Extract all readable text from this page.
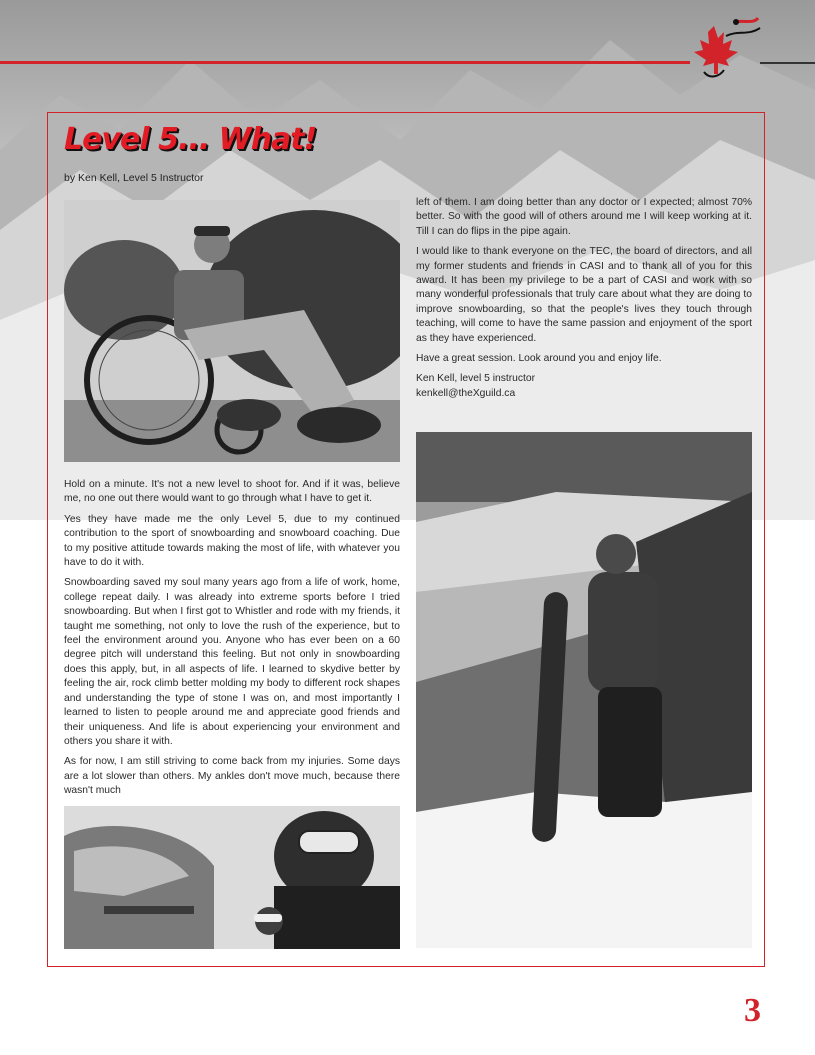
Level 5... What!
by Ken Kell, Level 5 Instructor

Hold on a minute. It's not a new level to shoot for. And if it was, believe me, no one out there would want to go through what I have to get it.

Yes they have made me the only Level 5, due to my continued contribution to the sport of snowboarding and snowboard coaching. Due to my positive attitude towards making the most of life, with whatever you have to do it with.

Snowboarding saved my soul many years ago from a life of work, home, college repeat daily. I was already into extreme sports before I tried snowboarding. But when I first got to Whistler and rode with my friends, it taught me something, not only to love the rush of the experience, but to feel the environment around you. Anyone who has ever been on a 60 degree pitch will understand this feeling. But not only in snowboarding does this apply, but, in all aspects of life. I learned to skydive better by feeling the air, rock climb better molding my body to different rock shapes and understanding the type of stone I was on, and most importantly I learned to listen to people around me and appreciate good friends and their uniqueness. And life is about experiencing your environment and others you share it with.

As for now, I am still striving to come back from my injuries. Some days are a lot slower than others. My ankles don't move much, because there wasn't much

left of them. I am doing better than any doctor or I expected; almost 70% better. So with the good will of others around me I will keep working at it. Till I can do flips in the pipe again.

I would like to thank everyone on the TEC, the board of directors, and all my former students and friends in CASI and to thank all of you for this award. It has been my privilege to be a part of CASI and work with so many wonderful professionals that truly care about what they are doing to improve snowboarding, so that the people's lives they touch through teaching, will come to have the same passion and enjoyment of the sport as they have experienced.

Have a great session. Look around you and enjoy life.

Ken Kell, level 5 instructor

kenkell@theXguild.ca

3
